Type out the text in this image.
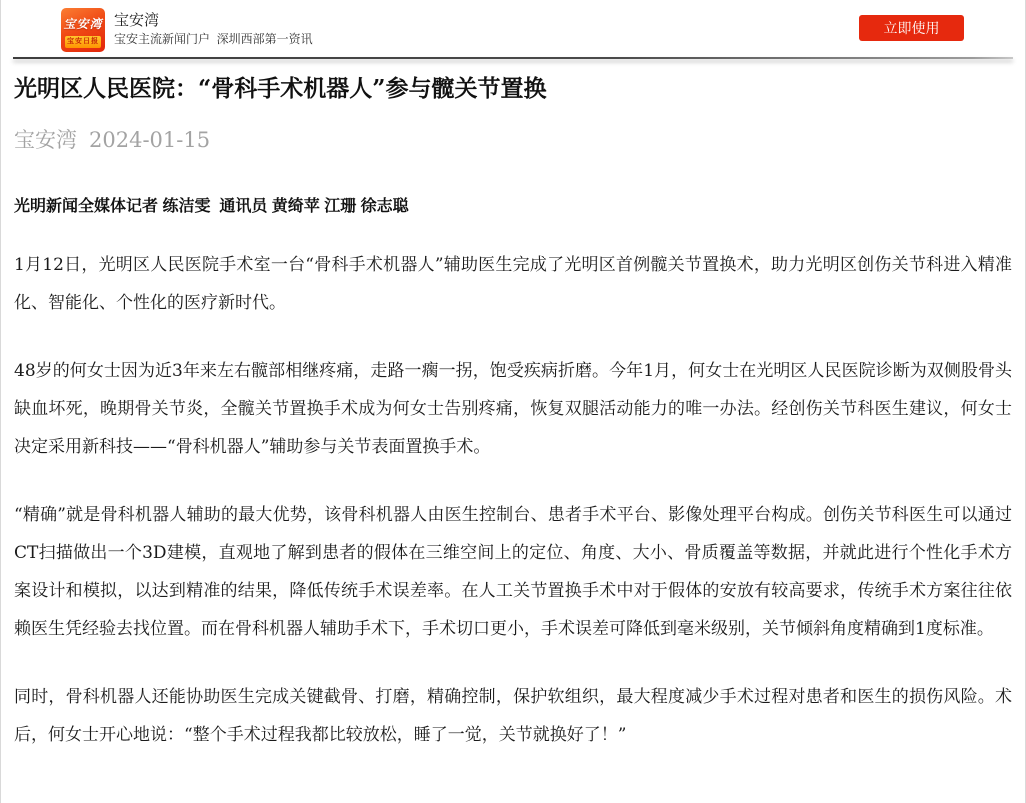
宝安湾
宝安日报
宝安湾
宝安主流新闻门户  深圳西部第一资讯
立即使用
光明区人民医院：“骨科手术机器人”参与髋关节置换
宝安湾 2024-01-15
光明新闻全媒体记者 练洁雯  通讯员 黄绮苹 江珊 徐志聪

1月12日，光明区人民医院手术室一台“骨科手术机器人”辅助医生完成了光明区首例髋关节置换术，助力光明区创伤关节科进入精准化、智能化、个性化的医疗新时代。

48岁的何女士因为近3年来左右髋部相继疼痛，走路一瘸一拐，饱受疾病折磨。今年1月，何女士在光明区人民医院诊断为双侧股骨头缺血坏死，晚期骨关节炎，全髋关节置换手术成为何女士告别疼痛，恢复双腿活动能力的唯一办法。经创伤关节科医生建议，何女士决定采用新科技——“骨科机器人”辅助参与关节表面置换手术。

“精确”就是骨科机器人辅助的最大优势，该骨科机器人由医生控制台、患者手术平台、影像处理平台构成。创伤关节科医生可以通过CT扫描做出一个3D建模，直观地了解到患者的假体在三维空间上的定位、角度、大小、骨质覆盖等数据，并就此进行个性化手术方案设计和模拟，以达到精准的结果，降低传统手术误差率。在人工关节置换手术中对于假体的安放有较高要求，传统手术方案往往依赖医生凭经验去找位置。而在骨科机器人辅助手术下，手术切口更小，手术误差可降低到毫米级别，关节倾斜角度精确到1度标准。

同时，骨科机器人还能协助医生完成关键截骨、打磨，精确控制，保护软组织，最大程度减少手术过程对患者和医生的损伤风险。术后，何女士开心地说：“整个手术过程我都比较放松，睡了一觉，关节就换好了！”
